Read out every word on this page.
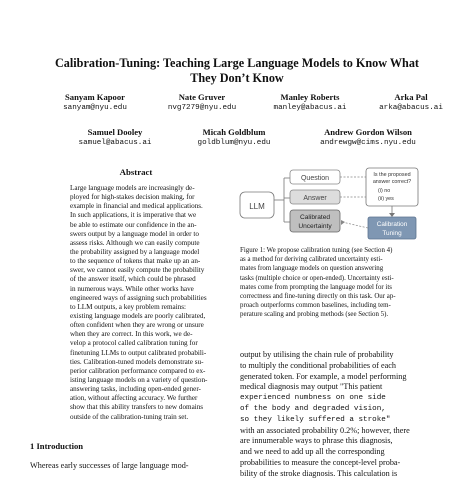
Calibration-Tuning: Teaching Large Language Models to Know What
They Don’t Know
Sanyam Kapoor
sanyam@nyu.edu
Nate Gruver
nvg7279@nyu.edu
Manley Roberts
manley@abacus.ai
Arka Pal
arka@abacus.ai
Samuel Dooley
samuel@abacus.ai
Micah Goldblum
goldblum@nyu.edu
Andrew Gordon Wilson
andrewgw@cims.nyu.edu
Abstract
Large language models are increasingly de-
ployed for high-stakes decision making, for
example in financial and medical applications.
In such applications, it is imperative that we
be able to estimate our confidence in the an-
swers output by a language model in order to
assess risks. Although we can easily compute
the probability assigned by a language model
to the sequence of tokens that make up an an-
swer, we cannot easily compute the probability
of the answer itself, which could be phrased
in numerous ways. While other works have
engineered ways of assigning such probabilities
to LLM outputs, a key problem remains:
existing language models are poorly calibrated,
often confident when they are wrong or unsure
when they are correct. In this work, we de-
velop a protocol called calibration tuning for
finetuning LLMs to output calibrated probabili-
ties. Calibration-tuned models demonstrate su-
perior calibration performance compared to ex-
isting language models on a variety of question-
answering tasks, including open-ended gener-
ation, without affecting accuracy. We further
show that this ability transfers to new domains
outside of the calibration-tuning train set.
1 Introduction
Whereas early successes of large language mod-
LLM
Question
Answer
Calibrated
Uncertainty
Is the proposed
answer correct?
(i) no
(ii) yes
Calibration
Tuning
Figure 1: We propose calibration tuning (see Section 4)
as a method for deriving calibrated uncertainty esti-
mates from language models on question answering
tasks (multiple choice or open-ended). Uncertainty esti-
mates come from prompting the language model for its
correctness and fine-tuning directly on this task. Our ap-
proach outperforms common baselines, including tem-
perature scaling and probing methods (see Section 5).
output by utilising the chain rule of probability
to multiply the conditional probabilities of each
generated token. For example, a model performing
medical diagnosis may output "This patient
experienced numbness on one side
of the body and degraded vision,
so they likely suffered a stroke"
with an associated probability 0.2%; however, there
are innumerable ways to phrase this diagnosis,
and we need to add up all the corresponding
probabilities to measure the concept-level proba-
bility of the stroke diagnosis. This calculation is
